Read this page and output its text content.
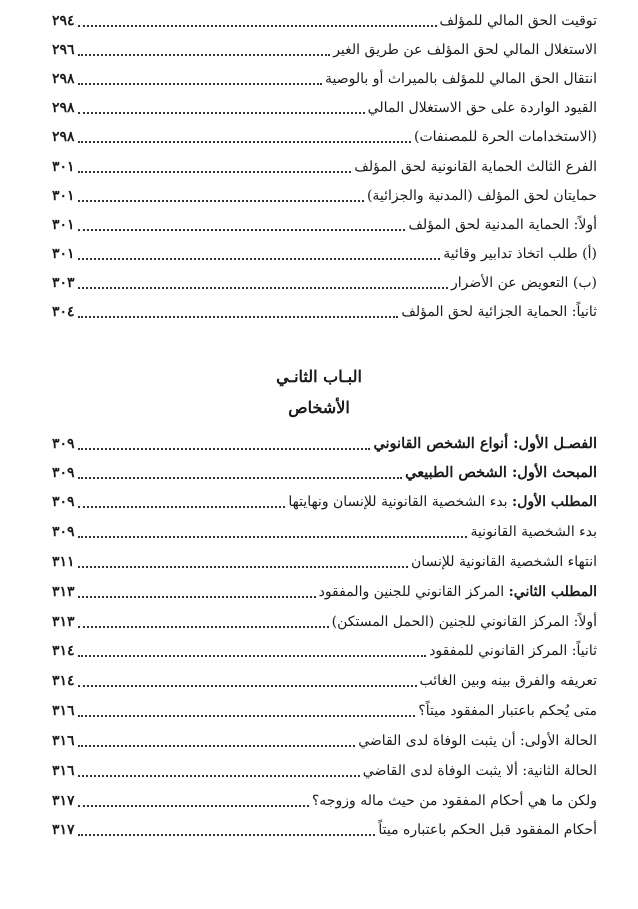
توقيت الحق المالي للمؤلف
٢٩٤
الاستغلال المالي لحق المؤلف عن طريق الغير
٢٩٦
انتقال الحق المالي للمؤلف بالميراث أو بالوصية
٢٩٨
القيود الواردة على حق الاستغلال المالي
٢٩٨
(الاستخدامات الحرة للمصنفات)
٢٩٨
الفرع الثالث الحماية القانونية لحق المؤلف
٣٠١
حمايتان لحق المؤلف (المدنية والجزائية)
٣٠١
أولاً: الحماية المدنية لحق المؤلف
٣٠١
(أ) طلب اتخاذ تدابير وقائية
٣٠١
(ب) التعويض عن الأضرار
٣٠٣
ثانياً: الحماية الجزائية لحق المؤلف
٣٠٤
البـاب الثانـي
الأشخاص
الفصـل الأول: أنواع الشخص القانوني
٣٠٩
المبحث الأول: الشخص الطبيعي
٣٠٩
المطلب الأول: بدء الشخصية القانونية للإنسان ونهايتها
٣٠٩
بدء الشخصية القانونية
٣٠٩
انتهاء الشخصية القانونية للإنسان
٣١١
المطلب الثاني: المركز القانوني للجنين والمفقود
٣١٣
أولاً: المركز القانوني للجنين (الحمل المستكن)
٣١٣
ثانياً: المركز القانوني للمفقود
٣١٤
تعريفه والفرق بينه وبين الغائب
٣١٤
متى يُحكم باعتبار المفقود ميتاً؟
٣١٦
الحالة الأولى: أن يثبت الوفاة لدى القاضي
٣١٦
الحالة الثانية: ألا يثبت الوفاة لدى القاضي
٣١٦
ولكن ما هي أحكام المفقود من حيث ماله وزوجه؟
٣١٧
أحكام المفقود قبل الحكم باعتباره ميتاً
٣١٧
